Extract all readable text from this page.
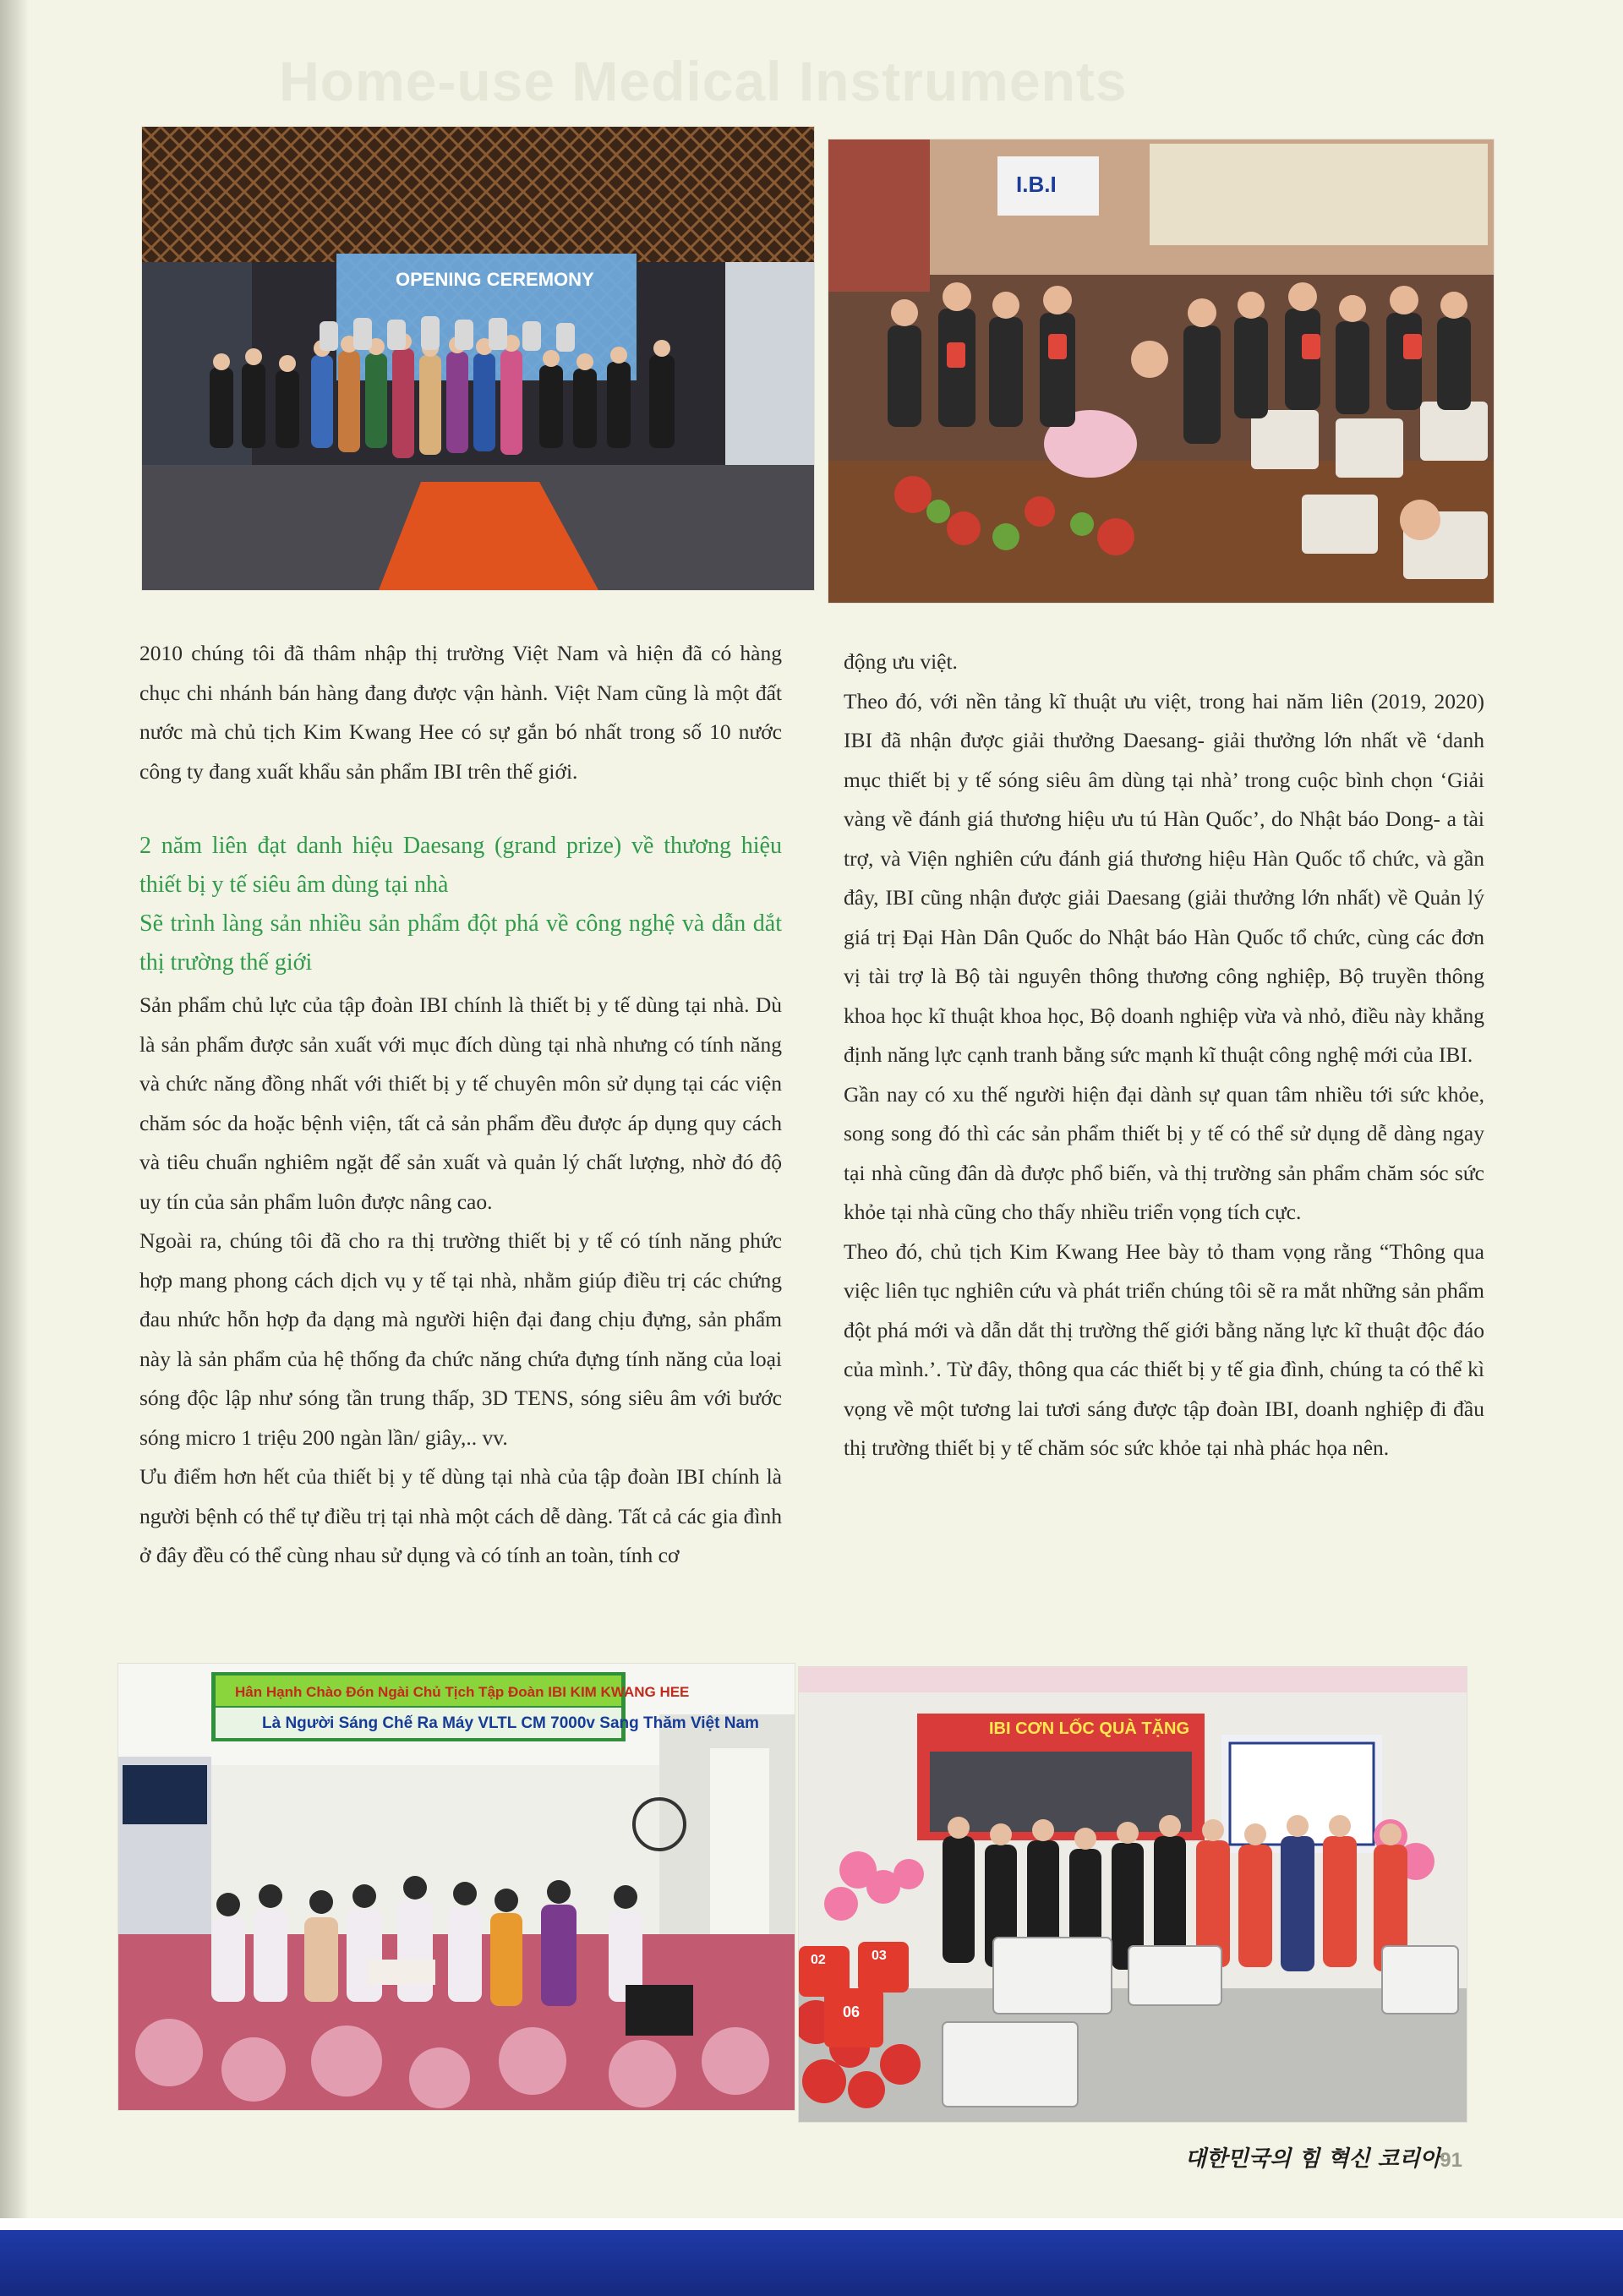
Home-use Medical Instruments
OPENING CEREMONY
I.B.I

2010 chúng tôi đã thâm nhập thị trường Việt Nam và hiện đã có hàng chục chi nhánh bán hàng đang được vận hành. Việt Nam cũng là một đất nước mà chủ tịch Kim Kwang Hee có sự gắn bó nhất trong số 10 nước công ty đang xuất khẩu sản phẩm IBI trên thế giới.

2 năm liên đạt danh hiệu Daesang (grand prize) về thương hiệu thiết bị y tế siêu âm dùng tại nhà

Sẽ trình làng sản nhiều sản phẩm đột phá về công nghệ và dẫn dắt thị trường thế giới

Sản phẩm chủ lực của tập đoàn IBI chính là thiết bị y tế dùng tại nhà. Dù là sản phẩm được sản xuất với mục đích dùng tại nhà nhưng có tính năng và chức năng đồng nhất với thiết bị y tế chuyên môn sử dụng tại các viện chăm sóc da hoặc bệnh viện, tất cả sản phẩm đều được áp dụng quy cách và tiêu chuẩn nghiêm ngặt để sản xuất và quản lý chất lượng, nhờ đó độ uy tín của sản phẩm luôn được nâng cao.

Ngoài ra, chúng tôi đã cho ra thị trường thiết bị y tế có tính năng phức hợp mang phong cách dịch vụ y tế tại nhà, nhằm giúp điều trị các chứng đau nhức hỗn hợp đa dạng mà người hiện đại đang chịu đựng, sản phẩm này là sản phẩm của hệ thống đa chức năng chứa đựng tính năng của loại sóng độc lập như sóng tần trung thấp, 3D TENS, sóng siêu âm với bước sóng micro 1 triệu 200 ngàn lần/ giây,.. vv.

Ưu điểm hơn hết của thiết bị y tế dùng tại nhà của tập đoàn IBI chính là người bệnh có thể tự điều trị tại nhà một cách dễ dàng. Tất cả các gia đình ở đây đều có thể cùng nhau sử dụng và có tính an toàn, tính cơ

động ưu việt.

Theo đó, với nền tảng kĩ thuật ưu việt, trong hai năm liên (2019, 2020) IBI đã nhận được giải thưởng Daesang- giải thưởng lớn nhất về ‘danh mục thiết bị y tế sóng siêu âm dùng tại nhà’ trong cuộc bình chọn ‘Giải vàng về đánh giá thương hiệu ưu tú Hàn Quốc’, do Nhật báo Dong- a tài trợ, và Viện nghiên cứu đánh giá thương hiệu Hàn Quốc tổ chức, và gần đây, IBI cũng nhận được giải Daesang (giải thưởng lớn nhất) về Quản lý giá trị Đại Hàn Dân Quốc do Nhật báo Hàn Quốc tổ chức, cùng các đơn vị tài trợ là Bộ tài nguyên thông thương công nghiệp, Bộ truyền thông khoa học kĩ thuật khoa học, Bộ doanh nghiệp vừa và nhỏ, điều này khẳng định năng lực cạnh tranh bằng sức mạnh kĩ thuật công nghệ mới của IBI.

Gần nay có xu thế người hiện đại dành sự quan tâm nhiều tới sức khỏe, song song đó thì các sản phẩm thiết bị y tế có thể sử dụng dễ dàng ngay tại nhà cũng đân dà được phổ biến, và thị trường sản phẩm chăm sóc sức khỏe tại nhà cũng cho thấy nhiều triển vọng tích cực.

Theo đó, chủ tịch Kim Kwang Hee bày tỏ tham vọng rằng “Thông qua việc liên tục nghiên cứu và phát triển chúng tôi sẽ ra mắt những sản phẩm đột phá mới và dẫn dắt thị trường thế giới bằng năng lực kĩ thuật độc đáo của mình.’. Từ đây, thông qua các thiết bị y tế gia đình, chúng ta có thể kì vọng về một tương lai tươi sáng được tập đoàn IBI, doanh nghiệp đi đầu thị trường thiết bị y tế chăm sóc sức khỏe tại nhà phác họa nên.

Hân Hạnh Chào Đón Ngài Chủ Tịch Tập Đoàn IBI KIM KWANG HEE
Là Người Sáng Chế Ra Máy VLTL CM 7000v Sang Thăm Việt Nam	IBI CƠN LỐC QUÀ TẶNG
02	03
06
대한민국의 힘 혁신 코리아
91
